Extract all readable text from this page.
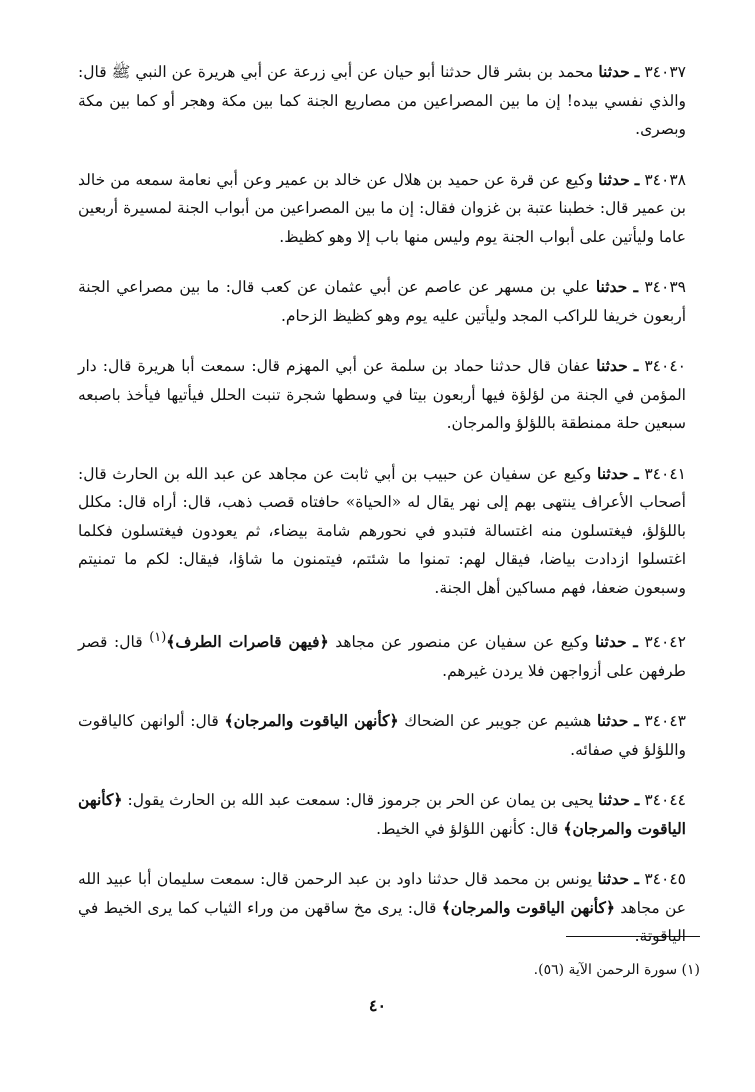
٣٤٠٣٧ ـ حدثنا محمد بن بشر قال حدثنا أبو حيان عن أبي زرعة عن أبي هريرة عن النبي ﷺ قال: والذي نفسي بيده! إن ما بين المصراعين من مصاريع الجنة كما بين مكة وهجر أو كما بين مكة وبصرى.

٣٤٠٣٨ ـ حدثنا وكيع عن قرة عن حميد بن هلال عن خالد بن عمير وعن أبي نعامة سمعه من خالد بن عمير قال: خطبنا عتبة بن غزوان فقال: إن ما بين المصراعين من أبواب الجنة لمسيرة أربعين عاما وليأتين على أبواب الجنة يوم وليس منها باب إلا وهو كظيظ.

٣٤٠٣٩ ـ حدثنا علي بن مسهر عن عاصم عن أبي عثمان عن كعب قال: ما بين مصراعي الجنة أربعون خريفا للراكب المجد وليأتين عليه يوم وهو كظيظ الزحام.

٣٤٠٤٠ ـ حدثنا عفان قال حدثنا حماد بن سلمة عن أبي المهزم قال: سمعت أبا هريرة قال: دار المؤمن في الجنة من لؤلؤة فيها أربعون بيتا في وسطها شجرة تنبت الحلل فيأتيها فيأخذ باصبعه سبعين حلة ممنطقة باللؤلؤ والمرجان.

٣٤٠٤١ ـ حدثنا وكيع عن سفيان عن حبيب بن أبي ثابت عن مجاهد عن عبد الله بن الحارث قال: أصحاب الأعراف ينتهى بهم إلى نهر يقال له «الحياة» حافتاه قصب ذهب، قال: أراه قال: مكلل باللؤلؤ، فيغتسلون منه اغتسالة فتبدو في نحورهم شامة بيضاء، ثم يعودون فيغتسلون فكلما اغتسلوا ازدادت بياضا، فيقال لهم: تمنوا ما شئتم، فيتمنون ما شاؤا، فيقال: لكم ما تمنيتم وسبعون ضعفا، فهم مساكين أهل الجنة.

٣٤٠٤٢ ـ حدثنا وكيع عن سفيان عن منصور عن مجاهد ﴿فيهن قاصرات الطرف﴾$^{(١)}$ قال: قصر طرفهن على أزواجهن فلا يردن غيرهم.

٣٤٠٤٣ ـ حدثنا هشيم عن جويبر عن الضحاك ﴿كأنهن الياقوت والمرجان﴾ قال: ألوانهن كالياقوت واللؤلؤ في صفائه.

٣٤٠٤٤ ـ حدثنا يحيى بن يمان عن الحر بن جرموز قال: سمعت عبد الله بن الحارث يقول: ﴿كأنهن الياقوت والمرجان﴾ قال: كأنهن اللؤلؤ في الخيط.

٣٤٠٤٥ ـ حدثنا يونس بن محمد قال حدثنا داود بن عبد الرحمن قال: سمعت سليمان أبا عبيد الله عن مجاهد ﴿كأنهن الياقوت والمرجان﴾ قال: يرى مخ ساقهن من وراء الثياب كما يرى الخيط في الياقوتة.

(١) سورة الرحمن الآية (٥٦).
٤٠
